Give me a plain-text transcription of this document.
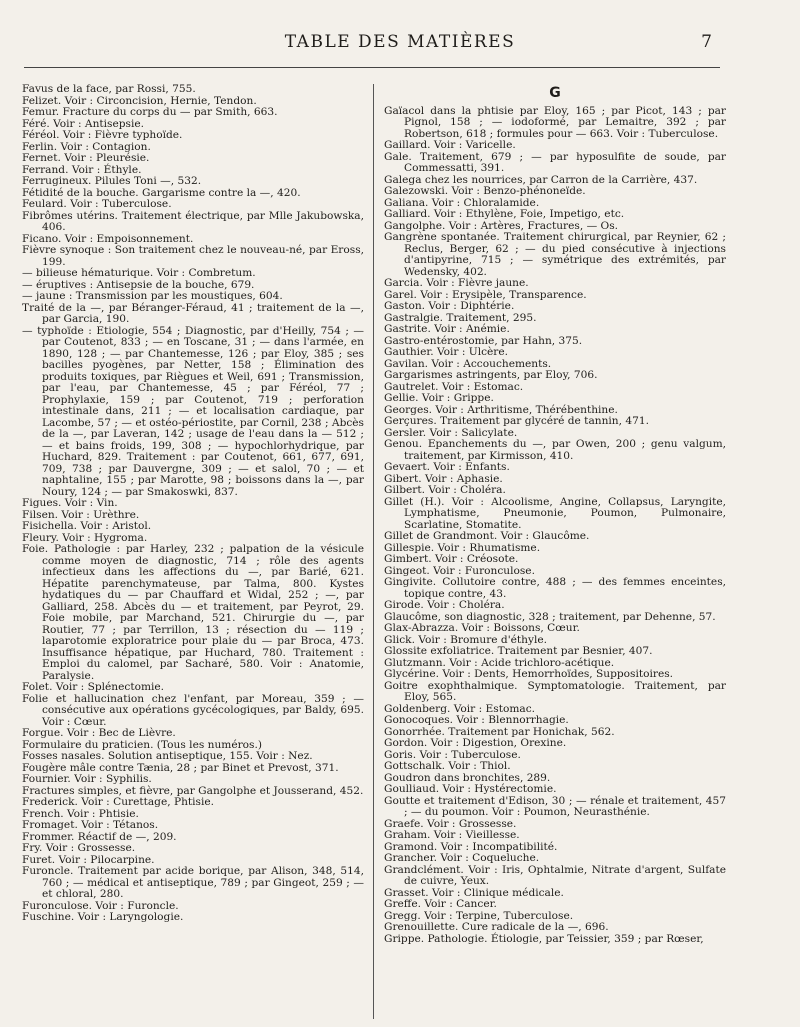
TABLE DES MATIÈRES	7
Favus de la face, par Rossi, 755.
Felizet. Voir : Circoncision, Hernie, Tendon.
Femur. Fracture du corps du — par Smith, 663.
Féré. Voir : Antisepsie.
Féréol. Voir : Fièvre typhoïde.
Ferlin. Voir : Contagion.
Fernet. Voir : Pleurésie.
Ferrand. Voir : Éthyle.
Ferrugineux. Pilules Toni —, 532.
Fétidité de la bouche. Gargarisme contre la —, 420.
Feulard. Voir : Tuberculose.
Fibrômes utérins. Traitement électrique, par Mlle Jakubowska, 406.
Ficano. Voir : Empoisonnement.
Fièvre synoque : Son traitement chez le nouveau-né, par Eross, 199.
— bilieuse hématurique. Voir : Combretum.
— éruptives : Antisepsie de la bouche, 679.
— jaune : Transmission par les moustiques, 604.
Traité de la —, par Béranger-Féraud, 41 ; traitement de la —, par Garcia, 190.
— typhoïde : Etiologie, 554 ; Diagnostic, par d'Heilly, 754 ; — par Coutenot, 833 ; — en Toscane, 31 ; — dans l'armée, en 1890, 128 ; — par Chantemesse, 126 ; par Eloy, 385 ; ses bacilles pyogènes, par Netter, 158 ; Élimination des produits toxiques, par Riègues et Weil, 691 ; Transmission, par l'eau, par Chantemesse, 45 ; par Féréol, 77 ; Prophylaxie, 159 ; par Coutenot, 719 ; perforation intestinale dans, 211 ; — et localisation cardiaque, par Lacombe, 57 ; — et ostéo-périostite, par Cornil, 238 ; Abcès de la —, par Laveran, 142 ; usage de l'eau dans la — 512 ; — et bains froids, 199, 308 ; — hypochlorhydrique, par Huchard, 829. Traitement : par Coutenot, 661, 677, 691, 709, 738 ; par Dauvergne, 309 ; — et salol, 70 ; — et naphtaline, 155 ; par Marotte, 98 ; boissons dans la —, par Noury, 124 ; — par Smakoswki, 837.
Figues. Voir : Vin.
Filsen. Voir : Urèthre.
Fisichella. Voir : Aristol.
Fleury. Voir : Hygroma.
Foie. Pathologie : par Harley, 232 ; palpation de la vésicule comme moyen de diagnostic, 714 ; rôle des agents infectieux dans les affections du —, par Barié, 621. Hépatite parenchymateuse, par Talma, 800. Kystes hydatiques du — par Chauffard et Widal, 252 ; —, par Galliard, 258. Abcès du — et traitement, par Peyrot, 29. Foie mobile, par Marchand, 521. Chirurgie du —, par Routier, 77 ; par Terrillon, 13 ; résection du — 119 ; laparotomie exploratrice pour plaie du — par Broca, 473. Insuffisance hépatique, par Huchard, 780. Traitement : Emploi du calomel, par Sacharé, 580. Voir : Anatomie, Paralysie.
Folet. Voir : Splénectomie.
Folie et hallucination chez l'enfant, par Moreau, 359 ; — consécutive aux opérations gycécologiques, par Baldy, 695. Voir : Cœur.
Forgue. Voir : Bec de Lièvre.
Formulaire du praticien. (Tous les numéros.)
Fosses nasales. Solution antiseptique, 155. Voir : Nez.
Fougère mâle contre Tænia, 28 ; par Binet et Prevost, 371.
Fournier. Voir : Syphilis.
Fractures simples, et fièvre, par Gangolphe et Jousserand, 452.
Frederick. Voir : Curettage, Phtisie.
French. Voir : Phtisie.
Fromaget. Voir : Tétanos.
Frommer. Réactif de —, 209.
Fry. Voir : Grossesse.
Furet. Voir : Pilocarpine.
Furoncle. Traitement par acide borique, par Alison, 348, 514, 760 ; — médical et antiseptique, 789 ; par Gingeot, 259 ; — et chloral, 280.
Furonculose. Voir : Furoncle.
Fuschine. Voir : Laryngologie.
G
Gaïacol dans la phtisie par Eloy, 165 ; par Picot, 143 ; par Pignol, 158 ; — iodoformé, par Lemaitre, 392 ; par Robertson, 618 ; formules pour — 663. Voir : Tuberculose.
Gaillard. Voir : Varicelle.
Gale. Traitement, 679 ; — par hyposulfite de soude, par Commessatti, 391.
Galega chez les nourrices, par Carron de la Carrière, 437.
Galezowski. Voir : Benzo-phénoneïde.
Galiana. Voir : Chloralamide.
Galliard. Voir : Ethylène, Foie, Impetigo, etc.
Gangolphe. Voir : Artères, Fractures, — Os.
Gangrène spontanée. Traitement chirurgical, par Reynier, 62 ; Reclus, Berger, 62 ; — du pied consécutive à injections d'antipyrine, 715 ; — symétrique des extrémités, par Wedensky, 402.
Garcia. Voir : Fièvre jaune.
Garel. Voir : Erysipèle, Transparence.
Gaston. Voir : Diphtérie.
Gastralgie. Traitement, 295.
Gastrite. Voir : Anémie.
Gastro-entérostomie, par Hahn, 375.
Gauthier. Voir : Ulcère.
Gavilan. Voir : Accouchements.
Gargarismes astringents, par Eloy, 706.
Gautrelet. Voir : Estomac.
Gellie. Voir : Grippe.
Georges. Voir : Arthritisme, Thérébenthine.
Gerçures. Traitement par glycéré de tannin, 471.
Gersler. Voir : Salicylate.
Genou. Epanchements du —, par Owen, 200 ; genu valgum, traitement, par Kirmisson, 410.
Gevaert. Voir : Enfants.
Gibert. Voir : Aphasie.
Gilbert. Voir : Choléra.
Gillet (H.). Voir : Alcoolisme, Angine, Collapsus, Laryngite, Lymphatisme, Pneumonie, Poumon, Pulmonaire, Scarlatine, Stomatite.
Gillet de Grandmont. Voir : Glaucôme.
Gillespie. Voir : Rhumatisme.
Gimbert. Voir : Créosote.
Gingeot. Voir : Furonculose.
Gingivite. Collutoire contre, 488 ; — des femmes enceintes, topique contre, 43.
Girode. Voir : Choléra.
Glaucôme, son diagnostic, 328 ; traitement, par Dehenne, 57.
Glax-Abrazza. Voir : Boissons, Cœur.
Glick. Voir : Bromure d'éthyle.
Glossite exfoliatrice. Traitement par Besnier, 407.
Glutzmann. Voir : Acide trichloro-acétique.
Glycérine. Voir : Dents, Hemorrhoïdes, Suppositoires.
Goitre exophthalmique. Symptomatologie. Traitement, par Eloy, 565.
Goldenberg. Voir : Estomac.
Gonocoques. Voir : Blennorrhagie.
Gonorrhée. Traitement par Honichak, 562.
Gordon. Voir : Digestion, Orexine.
Goris. Voir : Tuberculose.
Gottschalk. Voir : Thiol.
Goudron dans bronchites, 289.
Goulliaud. Voir : Hystérectomie.
Goutte et traitement d'Edison, 30 ; — rénale et traitement, 457 ; — du poumon. Voir : Poumon, Neurasthénie.
Graefe. Voir : Grossesse.
Graham. Voir : Vieillesse.
Gramond. Voir : Incompatibilité.
Grancher. Voir : Coqueluche.
Grandclément. Voir : Iris, Ophtalmie, Nitrate d'argent, Sulfate de cuivre, Yeux.
Grasset. Voir : Clinique médicale.
Greffe. Voir : Cancer.
Gregg. Voir : Terpine, Tuberculose.
Grenouillette. Cure radicale de la —, 696.
Grippe. Pathologie. Étiologie, par Teissier, 359 ; par Rœser,
